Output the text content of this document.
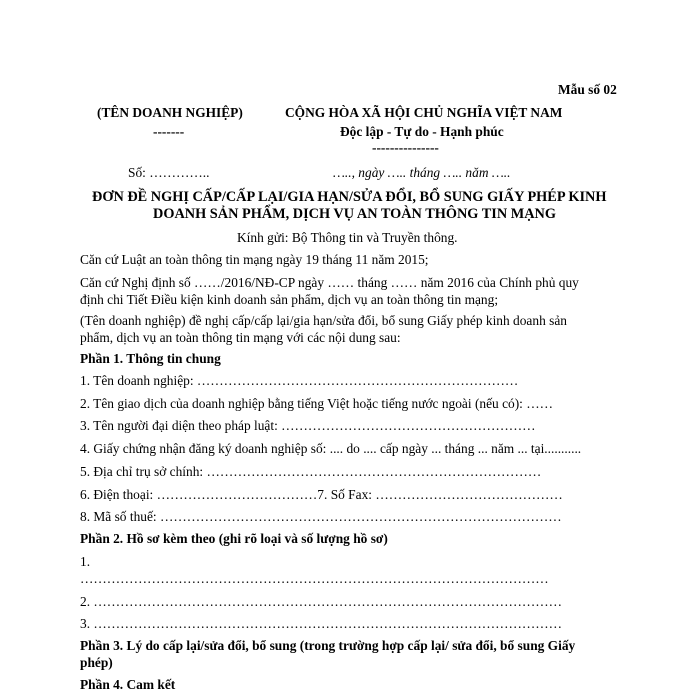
Mẫu số 02
(TÊN DOANH NGHIỆP)
-------
CỘNG HÒA XÃ HỘI CHỦ NGHĨA VIỆT NAM
Độc lập - Tự do - Hạnh phúc
---------------
Số: …………..	….., ngày ….. tháng ….. năm …..
ĐƠN ĐỀ NGHỊ CẤP/CẤP LẠI/GIA HẠN/SỬA ĐỔI, BỔ SUNG GIẤY PHÉP KINH
DOANH SẢN PHẨM, DỊCH VỤ AN TOÀN THÔNG TIN MẠNG
Kính gửi: Bộ Thông tin và Truyền thông.
Căn cứ Luật an toàn thông tin mạng ngày 19 tháng 11 năm 2015;
Căn cứ Nghị định số ……/2016/NĐ-CP ngày …… tháng …… năm 2016 của Chính phủ quy
định chi Tiết Điều kiện kinh doanh sản phẩm, dịch vụ an toàn thông tin mạng;
(Tên doanh nghiệp) đề nghị cấp/cấp lại/gia hạn/sửa đổi, bổ sung Giấy phép kinh doanh sản
phẩm, dịch vụ an toàn thông tin mạng với các nội dung sau:
Phần 1. Thông tin chung
1. Tên doanh nghiệp: ………………………………………………………………
2. Tên giao dịch của doanh nghiệp bằng tiếng Việt hoặc tiếng nước ngoài (nếu có): ……
3. Tên người đại diện theo pháp luật: …………………………………………………
4. Giấy chứng nhận đăng ký doanh nghiệp số: .... do .... cấp ngày ... tháng ... năm ... tại...........
5. Địa chỉ trụ sở chính: …………………………………………………………………
6. Điện thoại: ………………………………7. Số Fax: ……………………………………
8. Mã số thuế: ………………………………………………………………………………
Phần 2. Hồ sơ kèm theo (ghi rõ loại và số lượng hồ sơ)
1.
……………………………………………………………………………………………
2. ……………………………………………………………………………………………
3. ……………………………………………………………………………………………
Phần 3. Lý do cấp lại/sửa đổi, bổ sung (trong trường hợp cấp lại/ sửa đổi, bổ sung Giấy
phép)
Phần 4. Cam kết
